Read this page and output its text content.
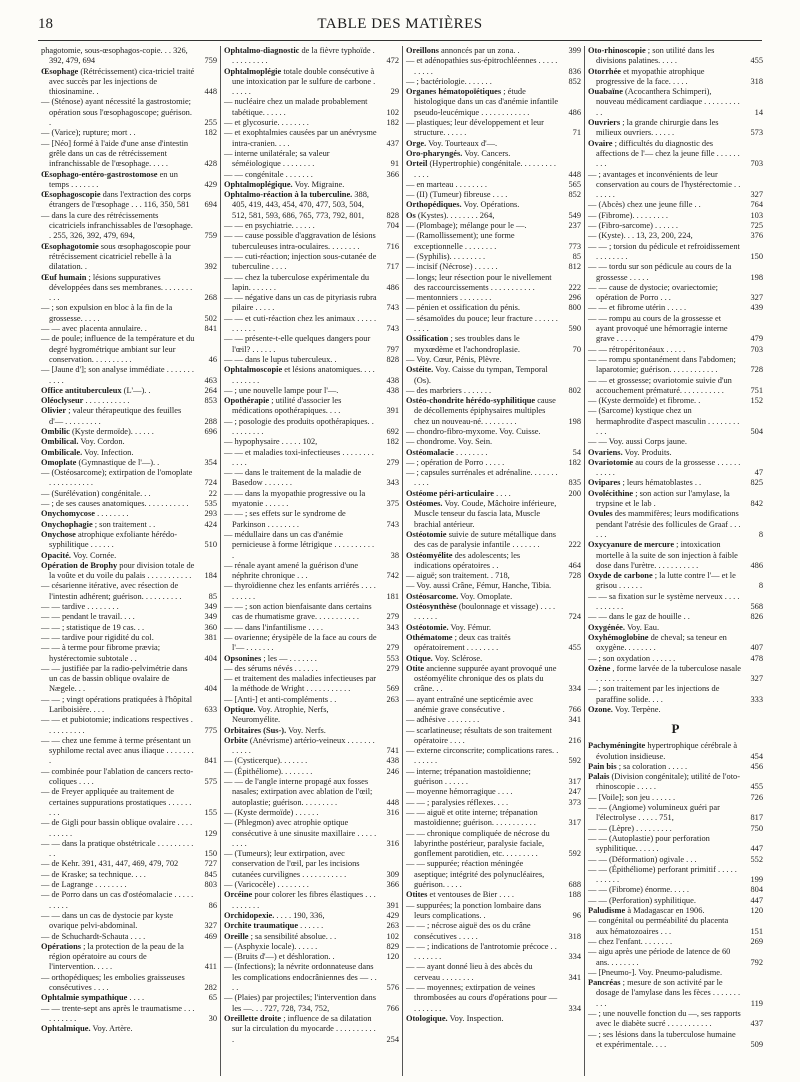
18	TABLE DES MATIÈRES

phagotomie, sous-œsophagos-copie. . . 326, 392, 479, 694	759

Œsophage (Rétrécissement) cica-triciel traité avec succès par les injections de thiosinamine. .	448

— (Sténose) ayant nécessité la gastrostomie; opération sous l'œsophagoscope; guérison. .	255

— (Varice); rupture; mort . .	182

— [Néo] formé à l'aide d'une anse d'intestin grêle dans un cas de rétrécissement infranchissable de l'œsophage. . . . .	428

Œsophago-entéro-gastrostomose en un temps . . . . . . .	429

Œsophagoscopie dans l'extraction des corps étrangers de l'œsophage . . . 116, 350, 581 694

— dans la cure des rétrécissements cicatriciels infranchissables de l'œsophage. . 255, 326, 392, 479, 694,	759

Œsophagotomie sous œsophagoscopie pour rétrécissement cicatriciel rebelle à la dilatation. .	392

Œuf humain ; lésions suppuratives développées dans ses membranes. . . . . . . . . . .	268

— ; son expulsion en bloc à la fin de la grossesse. . . . .	502

— — avec placenta annulaire. .	841

— de poule; influence de la température et du degré hygrométrique ambiant sur leur conservation. . . . . . . . . .	46

— [Jaune d']; son analyse immédiate . . . . . . . . . . .	463

Office antituberculeux (L'—). .	264

Oléoclyseur . . . . . . . . . . .	853

Olivier ; valeur thérapeutique des feuilles d'— . . . . . . . . .	288

Ombilic (Kyste dermoïde). . . . . .	696

Ombilical. Voy. Cordon.

Ombilicale. Voy. Infection.

Omoplate (Gymnastique de l'—). .	354

— (Ostéosarcome); extirpation de l'omoplate . . . . . . . . . . .	724

— (Surélévation) congénitale. . .	22

— ; de ses causes anatomiques. . . . . . . . . . . 535

Onychomycose . . . . . . . .	293

Onychophagie ; son traitement . .	424

Onychose atrophique exfoliante hérédo-syphilitique . . . . . .	510

Opacité. Voy. Cornée.

Opération de Brophy pour division totale de la voûte et du voile du palais . . . . . . . . . . . 184

— césarienne itérative, avec résection de l'intestin adhérent; guérison. . . . . . . . . .	85

— — tardive . . . . . . . .	349

— — pendant le travail. . . .	349

— — ; statistique de 19 cas. . .	360

— — tardive pour rigidité du col.	381

— — à terme pour fibrome prævia; hystérectomie subtotale . .	404

— — justifiée par la radio-pelvimétrie dans un cas de bassin oblique ovalaire de Nægele. . .	404

— — ; vingt opérations pratiquées à l'hôpital Lariboisière. . . .	633

— — et pubiotomie; indications respectives . . . . . . . . . .	775

— — chez une femme à terme présentant un syphilome rectal avec anus iliaque . . . . . . . .	841

— combinée pour l'ablation de cancers recto-coliques . . . .	575

— de Freyer appliquée au traitement de certaines suppurations prostatiques . . . . . . . . .	155

— de Gigli pour bassin oblique ovalaire . . . . . . . . . .	129

— — dans la pratique obstétricale . . . . . . . . . . .	150

— de Kehr. 391, 431, 447, 469, 479, 702	727

— de Kraske; sa technique. . . .	845

— de Lagrange . . . . . . . .	803

— de Porro dans un cas d'ostéomalacie . . . . . . . . . .	86

— — dans un cas de dystocie par kyste ovarique pelvi-abdominal.	327

— de Schuchardt-Schauta . . . .	469

Opérations ; la protection de la peau de la région opératoire au cours de l'intervention. . . . .	411

— orthopédiques; les embolies graisseuses consécutives . . . .	282

Ophtalmie sympathique . . . .	65

— — trente-sept ans après le traumatisme . . . . . . . . . .	30

Ophtalmique. Voy. Artère.

Ophtalmo-diagnostic de la fièvre typhoïde . . . . . . . . . .	472

Ophtalmoplégie totale double consécutive à une intoxication par le sulfure de carbone . . . . . .	29

— nucléaire chez un malade probablement tabétique. . . . . .	102

— et glycosurie. . . . . . . .	182

— et exophtalmies causées par un anévrysme intra-cranien. . . .	437

— interne unilatérale; sa valeur séméiologique . . . . . . . .	91

— — congénitale . . . . . . .	366

Ophtalmoplégique. Voy. Migraine.

Ophtalmo-réaction à la tuberculine. 388, 405, 419, 443, 454, 470, 477, 503, 504, 512, 581, 593, 686, 765, 773, 792, 801,	828

— — en psychiatrie. . . . . .	704

— — cause possible d'aggravation de lésions tuberculeuses intra-oculaires. . . . . . . .	716

— — cuti-réaction; injection sous-cutanée de tuberculine . . . .	717

— — chez la tuberculose expérimentale du lapin. . . . . . .	486

— — négative dans un cas de pityriasis rubra pilaire . . . . .	743

— — et cuti-réaction chez les animaux . . . . . . . . . . .	743

— — présente-t-elle quelques dangers pour l'œil? . . . . . .	797

— — dans le lupus tuberculeux. .	828

Ophtalmoscopie et lésions anatomiques. . . . . . . . . . .	438

— ; une nouvelle lampe pour l'—.	438

Opothérapie ; utilité d'associer les médications opothérapiques. . . .	391

— ; posologie des produits opothérapiques. . . . . . . . . .	692

— hypophysaire . . . . . 102,	182

— — et maladies toxi-infectieuses . . . . . . . . . . . .	279

— — dans le traitement de la maladie de Basedow . . . . . . .	343

— — dans la myopathie progressive ou la myatonie . . . . . .	375

— — ; ses effets sur le syndrome de Parkinson . . . . . . . .	743

— médullaire dans un cas d'anémie pernicieuse à forme létrigique . . . . . . . . . . .	38

— rénale ayant amené la guérison d'une néphrite chronique . . .	742

— thyroïdienne chez les enfants arriérés . . . . . . . . . .	181

— — ; son action bienfaisante dans certains cas de rhumatisme grave. . . . . . . . . . .	279

— — dans l'infantilisme . . . .	343

— ovarienne; érysipèle de la face au cours de l'— . . . . . . .	279

Opsonines ; les — . . . . . . .	553

— des sérums névés . . . . . .	279

— et traitement des maladies infectieuses par la méthode de Wright . . . . . . . . . . .	569

— [Anti-] et anti-compléments . .	263

Optique. Voy. Atrophie, Nerfs, Neuromyélite.

Orbitaires (Sus-). Voy. Nerfs.

Orbite (Anévrisme) artério-veineux . . . . . . . . . . . .	741

— (Cysticerque). . . . . . .	438

— (Épithéliome). . . . . . . .	246

— — de l'angle interne propagé aux fosses nasales; extirpation avec ablation de l'œil; autoplastie; guérison. . . . . . . . .	448

— (Kyste dermoïde) . . . . . .	316

— (Phlegmon) avec atrophie optique consécutive à une sinusite maxillaire . . . . . . . . .	316

— (Tumeurs); leur extirpation, avec conservation de l'œil, par les incisions cutanées curvilignes . . . . . . . . . . .	309

— (Varicocèle) . . . . . . . .	366

Orcéine pour colorer les fibres élastiques . . . . . . . . . .	391

Orchidopexie. . . . . 190, 336,	429

Orchite traumatique . . . . . .	263

Oreille ; sa sensibilité absolue. . .	102

— (Asphyxie locale). . . . . .	829

— (Bruits d'—) et déshloration. .	120

— (Infections); la névrite ordonnateuse dans les complications endocrâniennes des — . . . .	576

— (Plaies) par projectiles; l'intervention dans les —. . . 727, 728, 734, 752,	766

Oreillette droite ; influence de sa dilatation sur la circulation du myocarde . . . . . . . . . . .	254

Oreillons annoncés par un zona. .	399

— et adénopathies sus-épitrochléennes . . . . . . . . . .	836

— ; bactériologie. . . . . . .	852

Organes hématopoïétiques ; étude histologique dans un cas d'anémie infantile pseudo-leucémique . . . . . . . . . . . .	486

— plastiques; leur développement et leur structure. . . . . .	71

Orge. Voy. Tourteaux d'—.

Oro-pharyngés. Voy. Cancers.

Orteil (Hypertrophie) congénitale. . . . . . . . . . . . .	448

— en marteau . . . . . . . .	565

— (II) (Tumeur) fibreuse . . . .	852

Orthopédiques. Voy. Opérations.

Os (Kystes). . . . . . . . 264,	549

— (Plombage); mélange pour le —.	237

— (Ramollissement); une forme exceptionnelle . . . . . . . .	773

— (Syphilis). . . . . . . . .	85

— incisif (Nécrose) . . . . . .	812

— longs; leur résection pour le nivellement des raccourcissements . . . . . . . . . . .	222

— mentonniers . . . . . . . .	296

— pénien et ossification du pénis.	800

— sésamoïdes du pouce; leur fracture . . . . . . . . . .	590

Ossification ; ses troubles dans le myxœdème et l'achondroplasie.	70

— Voy. Cœur, Pénis, Plèvre.

Ostéite. Voy. Caisse du tympan, Temporal (Os).

— des marbriers . . . . . . .	802

Ostéo-chondrite hérédo-syphilitique cause de décollements épiphysaires multiples chez un nouveau-né. . . . . . . . .	198

— chondro-fibro-myxome. Voy. Cuisse.

— chondrome. Voy. Sein.

Ostéomalacie . . . . . . . .	54

— ; opération de Porro . . . . .	182

— ; capsules surrénales et adrénaline. . . . . . . . . . .	835

Ostéome péri-articulaire . . . .	200

Ostéomes. Voy. Coude, Mâchoire inférieure, Muscle tenseur du fascia lata, Muscle brachial antérieur.

Ostéotomie suivie de suture métallique dans des cas de paralysie infantile . . . . . . .	222

Ostéomyélite des adolescents; les indications opératoires . .	464

— aiguë; son traitement. . 718,	728

— Voy. aussi Crâne, Fémur, Hanche, Tibia.

Ostéosarcome. Voy. Omoplate.

Ostéosynthèse (boulonnage et vissage) . . . . . . . . . .	724

Ostéotomie. Voy. Fémur.

Othématome ; deux cas traités opératoirement . . . . . . . .	455

Otique. Voy. Sclérose.

Otite ancienne suppurée ayant provoqué une ostéomyélite chronique des os plats du crâne. . .	334

— ayant entraîné une septicémie avec anémie grave consécutive .	766

— adhésive . . . . . . . .	341

— scarlatineuse; résultats de son traitement opératoire . . . .	216

— externe circonscrite; complications rares. . . . . . . .	592

— interne; trépanation mastoïdienne; guérison . . . . . .	317

— moyenne hémorragique . . . .	247

— — ; paralysies réflexes. . . .	373

— — aiguë et otite interne; trépanation mastoïdienne; guérison. . . . . . . . . . .	317

— — chronique compliquée de nécrose du labyrinthe postérieur, paralysie faciale, gonflement parotidien, etc. . . . . . . . .	592

— — suppurée; réaction méningée aseptique; intégrité des polynucléaires, guérison. . . . .	688

Otites et ventouses de Bier . . . .	188

— suppurées; la ponction lombaire dans leurs complications. .	96

— — ; nécrose aiguë des os du crâne consécutives . . . . .	318

— — ; indications de l'antrotomie précoce . . . . . . . . .	334

— — ayant donné lieu à des abcès du cerveau . . . . . . . .	341

— — moyennes; extirpation de veines thrombosées au cours d'opérations pour — . . . . . . .	334

Otologique. Voy. Inspection.

Oto-rhinoscopie ; son utilité dans les divisions palatines. . . . .	455

Otorrhée et myopathie atrophique progressive de la face. . . . .	318

Ouabaïne (Acocanthera Schimperi), nouveau médicament cardiaque . . . . . . . . . . .	14

Ouvriers ; la grande chirurgie dans les milieux ouvriers. . . . . .	573

Ovaire ; difficultés du diagnostic des affections de l'— chez la jeune fille . . . . . . . . .	703

— ; avantages et inconvénients de leur conservation au cours de l'hystérectomie . . . . . . .	327

— (Abcès) chez une jeune fille . .	764

— (Fibrome). . . . . . . . .	103

— (Fibro-sarcome) . . . . . .	725

— (Kyste). . . 13, 23, 200, 224,	376

— — ; torsion du pédicule et refroidissement . . . . . . . .	150

— — tordu sur son pédicule au cours de la grossesse . . . . .	198

— — cause de dystocie; ovariectomie; opération de Porro . . .	327

— — et fibrome utérin . . . . .	439

— — rompu au cours de la grossesse et ayant provoqué une hémorragie interne grave . . . . .	479

— — rétropéritonéaux . . . . .	703

— — rompu spontanément dans l'abdomen; laparotomie; guérison. . . . . . . . . . . .	728

— — et grossesse; ovariotomie suivie d'un accouchement prématuré. . . . . . . . . . .	751

— (Kyste dermoïde) et fibrome. .	152

— (Sarcome) kystique chez un hermaphrodite d'aspect masculin . . . . . . . . . . .	504

— — Voy. aussi Corps jaune.

Ovariens. Voy. Produits.

Ovariotomie au cours de la grossesse . . . . . . . . . . .	47

Ovipares ; leurs hématoblastes . .	825

Ovolécithine ; son action sur l'amylase, la trypsine et le lab .	842

Ovules des mammifères; leurs modifications pendant l'atrésie des follicules de Graaf . . . . . .	8

Oxycyanure de mercure ; intoxication mortelle à la suite de son injection à faible dose dans l'urètre. . . . . . . . . . .	486

Oxyde de carbone ; la lutte contre l'— et le grisou . . . . . .	8

— — sa fixation sur le système nerveux . . . . . . . . . . .	568

— — dans le gaz de houille . .	826

Oxygénée. Voy. Eau.

Oxyhémoglobine de cheval; sa teneur en oxygène. . . . . . . .	407

— ; son oxydation . . . . . .	478

Ozène , forme larvée de la tuberculose nasale . . . . . . . . .	327

— ; son traitement par les injections de paraffine solide. . . .	333

Ozone. Voy. Terpène.

P

Pachyméningite hypertrophique cérébrale à évolution insidieuse.	454

Pain bis ; sa coloration . . . . .	456

Palais (Division congénitale); utilité de l'oto-rhinoscopie . . . . .	455

— [Voile]; son jeu . . . . . .	726

— — (Angiome) volumineux guéri par l'électrolyse . . . . . 751,	817

— — (Lèpre) . . . . . . . . .	750

— — (Autoplastie) pour perforation syphilitique. . . . . .	447

— — (Déformation) ogivale . . .	552

— — (Épithéliome) perforant primitif . . . . . . . . . . .	199

— — (Fibrome) énorme. . . . .	804

— — (Perforation) syphilitique.	447

Paludisme à Madagascar en 1906.	120

— congénital ou perméabilité du placenta aux hématozoaires . . .	151

— chez l'enfant. . . . . . . .	269

— aigu après une période de latence de 60 ans. . . . . . . .	792

— [Pneumo-]. Voy. Pneumo-paludisme.

Pancréas ; mesure de son activité par le dosage de l'amylase dans les fèces . . . . . . . . . .	119

— ; une nouvelle fonction du —, ses rapports avec le diabète sucré . . . . . . . . . . .	437

— ; ses lésions dans la tuberculose humaine et expérimentale. . . .	509
